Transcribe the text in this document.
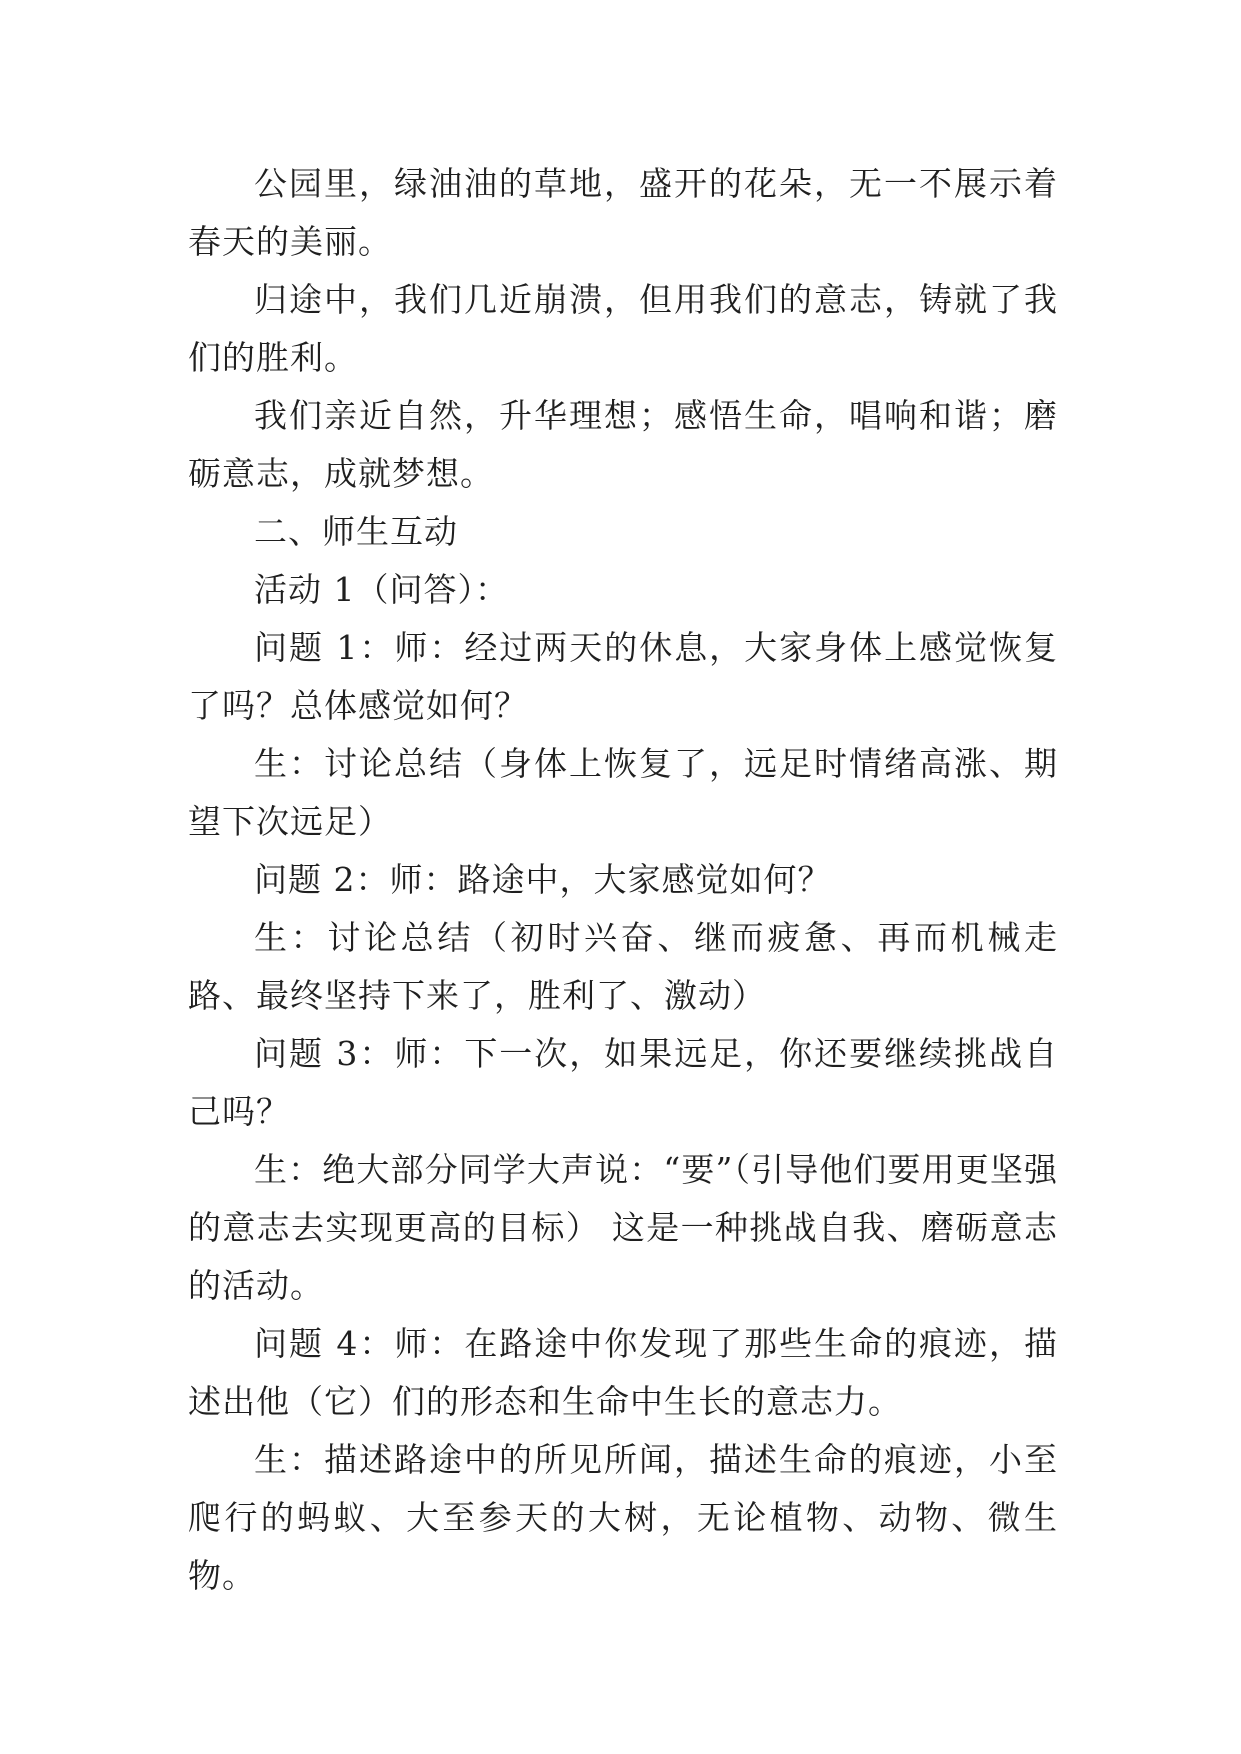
公园里，绿油油的草地，盛开的花朵，无一不展示着春天的美丽。

归途中，我们几近崩溃，但用我们的意志，铸就了我们的胜利。

我们亲近自然，升华理想；感悟生命，唱响和谐；磨砺意志，成就梦想。

二、师生互动

活动 1（问答）：

问题 1：师：经过两天的休息，大家身体上感觉恢复了吗？总体感觉如何？

生：讨论总结（身体上恢复了，远足时情绪高涨、期望下次远足）

问题 2：师：路途中，大家感觉如何？

生：讨论总结（初时兴奋、继而疲惫、再而机械走路、最终坚持下来了，胜利了、激动）

问题 3：师：下一次，如果远足，你还要继续挑战自己吗？

生：绝大部分同学大声说：“要”（引导他们要用更坚强的意志去实现更高的目标） 这是一种挑战自我、磨砺意志的活动。

问题 4：师：在路途中你发现了那些生命的痕迹，描述出他（它）们的形态和生命中生长的意志力。

生：描述路途中的所见所闻，描述生命的痕迹，小至爬行的蚂蚁、大至参天的大树，无论植物、动物、微生物。
